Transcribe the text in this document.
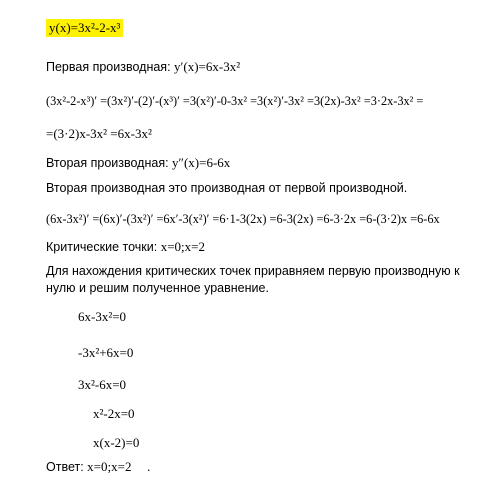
y(x)=3x²-2-x³
Первая производная: y′(x)=6x-3x²
(3x²-2-x³)′ =(3x²)′-(2)′-(x³)′ =3(x²)′-0-3x² =3(x²)′-3x² =3(2x)-3x² =3·2x-3x² =
=(3·2)x-3x² =6x-3x²
Вторая производная: y″(x)=6-6x
Вторая производная это производная от первой производной.
(6x-3x²)′ =(6x)′-(3x²)′ =6x′-3(x²)′ =6·1-3(2x) =6-3(2x) =6-3·2x =6-(3·2)x =6-6x
Критические точки: x=0;x=2
Для нахождения критических точек приравняем первую производную к нулю и решим полученное уравнение.
6x-3x²=0
-3x²+6x=0
3x²-6x=0
x²-2x=0
x(x-2)=0
Ответ: x=0;x=2 .
